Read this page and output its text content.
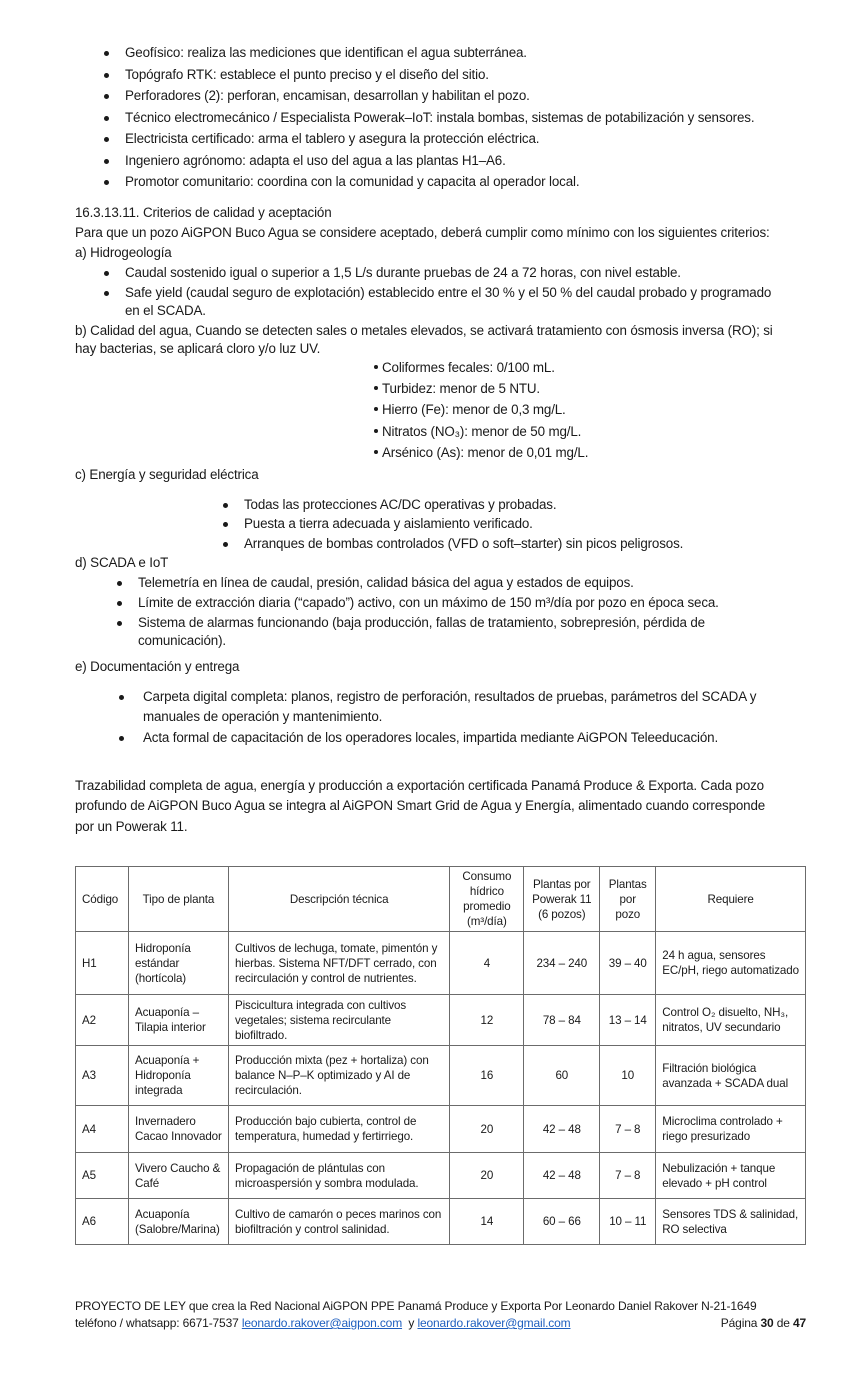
Geofísico: realiza las mediciones que identifican el agua subterránea.
Topógrafo RTK: establece el punto preciso y el diseño del sitio.
Perforadores (2): perforan, encamisan, desarrollan y habilitan el pozo.
Técnico electromecánico / Especialista Powerak–IoT: instala bombas, sistemas de potabilización y sensores.
Electricista certificado: arma el tablero y asegura la protección eléctrica.
Ingeniero agrónomo: adapta el uso del agua a las plantas H1–A6.
Promotor comunitario: coordina con la comunidad y capacita al operador local.
16.3.13.11. Criterios de calidad y aceptación
Para que un pozo AiGPON Buco Agua se considere aceptado, deberá cumplir como mínimo con los siguientes criterios:
a) Hidrogeología
Caudal sostenido igual o superior a 1,5 L/s durante pruebas de 24 a 72 horas, con nivel estable.
Safe yield (caudal seguro de explotación) establecido entre el 30 % y el 50 % del caudal probado y programado
en el SCADA.
b) Calidad del agua, Cuando se detecten sales o metales elevados, se activará tratamiento con ósmosis inversa (RO); si
hay bacterias, se aplicará cloro y/o luz UV.
Coliformes fecales: 0/100 mL.
Turbidez: menor de 5 NTU.
Hierro (Fe): menor de 0,3 mg/L.
Nitratos (NO₃): menor de 50 mg/L.
Arsénico (As): menor de 0,01 mg/L.
c) Energía y seguridad eléctrica
Todas las protecciones AC/DC operativas y probadas.
Puesta a tierra adecuada y aislamiento verificado.
Arranques de bombas controlados (VFD o soft–starter) sin picos peligrosos.
d) SCADA e IoT
Telemetría en línea de caudal, presión, calidad básica del agua y estados de equipos.
Límite de extracción diaria (“capado”) activo, con un máximo de 150 m³/día por pozo en época seca.
Sistema de alarmas funcionando (baja producción, fallas de tratamiento, sobrepresión, pérdida de
comunicación).
e) Documentación y entrega
Carpeta digital completa: planos, registro de perforación, resultados de pruebas, parámetros del SCADA y
manuales de operación y mantenimiento.
Acta formal de capacitación de los operadores locales, impartida mediante AiGPON Teleeducación.
Trazabilidad completa de agua, energía y producción a exportación certificada Panamá Produce & Exporta. Cada pozo
profundo de AiGPON Buco Agua se integra al AiGPON Smart Grid de Agua y Energía, alimentado cuando corresponde
por un Powerak 11.
Código	Tipo de planta	Descripción técnica	Consumo hídrico promedio (m³/día)	Plantas por Powerak 11 (6 pozos)	Plantas por pozo	Requiere
H1	Hidroponía estándar (hortícola)	Cultivos de lechuga, tomate, pimentón y hierbas. Sistema NFT/DFT cerrado, con recirculación y control de nutrientes.	4	234 – 240	39 – 40	24 h agua, sensores EC/pH, riego automatizado
A2	Acuaponía – Tilapia interior	Piscicultura integrada con cultivos vegetales; sistema recirculante biofiltrado.	12	78 – 84	13 – 14	Control O₂ disuelto, NH₃, nitratos, UV secundario
A3	Acuaponía + Hidroponía integrada	Producción mixta (pez + hortaliza) con balance N–P–K optimizado y AI de recirculación.	16	60	10	Filtración biológica avanzada + SCADA dual
A4	Invernadero Cacao Innovador	Producción bajo cubierta, control de temperatura, humedad y fertirriego.	20	42 – 48	7 – 8	Microclima controlado + riego presurizado
A5	Vivero Caucho & Café	Propagación de plántulas con microaspersión y sombra modulada.	20	42 – 48	7 – 8	Nebulización + tanque elevado + pH control
A6	Acuaponía (Salobre/Marina)	Cultivo de camarón o peces marinos con biofiltración y control salinidad.	14	60 – 66	10 – 11	Sensores TDS & salinidad, RO selectiva
PROYECTO DE LEY que crea la Red Nacional AiGPON PPE Panamá Produce y Exporta Por Leonardo Daniel Rakover N-21-1649
teléfono / whatsapp: 6671-7537 leonardo.rakover@aigpon.com  y leonardo.rakover@gmail.com	Página 30 de 47
